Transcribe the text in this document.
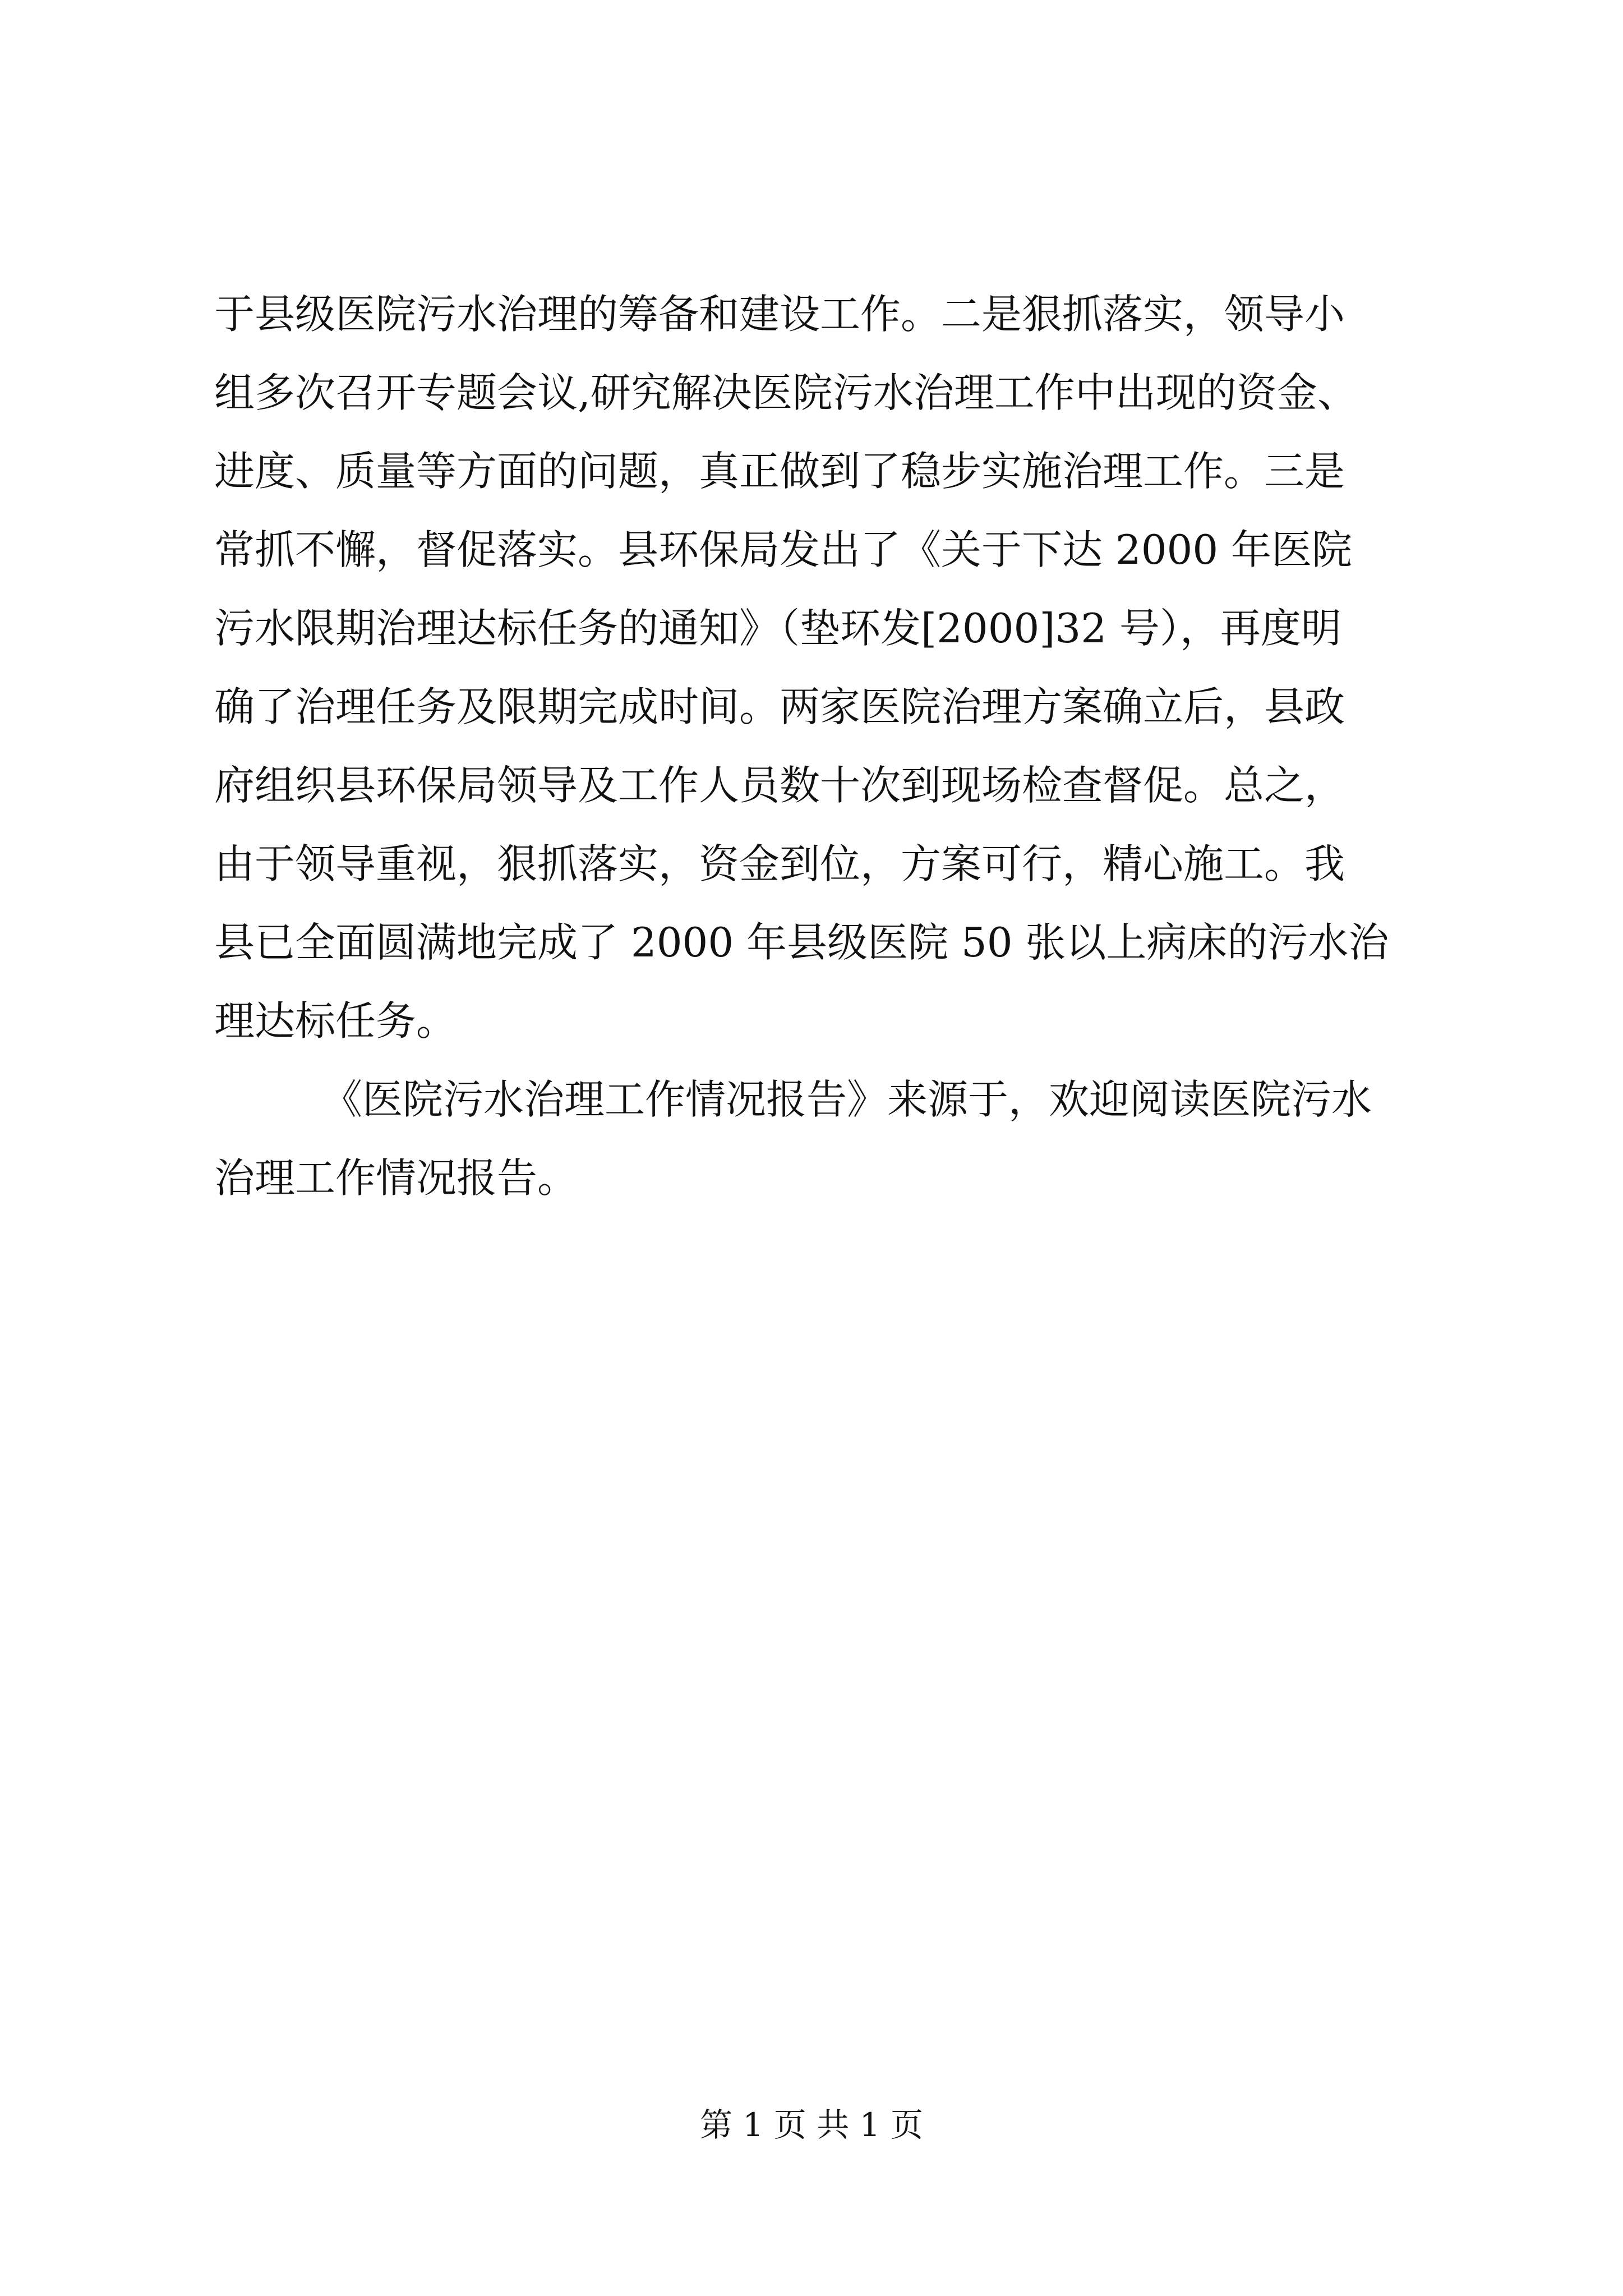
于县级医院污水治理的筹备和建设工作。二是狠抓落实，领导小
组多次召开专题会议,研究解决医院污水治理工作中出现的资金、
进度、质量等方面的问题，真正做到了稳步实施治理工作。三是
常抓不懈，督促落实。县环保局发出了《关于下达 2000 年医院
污水限期治理达标任务的通知》（垫环发[2000]32 号），再度明
确了治理任务及限期完成时间。两家医院治理方案确立后，县政
府组织县环保局领导及工作人员数十次到现场检查督促。总之，
由于领导重视，狠抓落实，资金到位，方案可行，精心施工。我
县已全面圆满地完成了 2000 年县级医院 50 张以上病床的污水治
理达标任务。
《医院污水治理工作情况报告》来源于，欢迎阅读医院污水
治理工作情况报告。
第 1 页 共 1 页
